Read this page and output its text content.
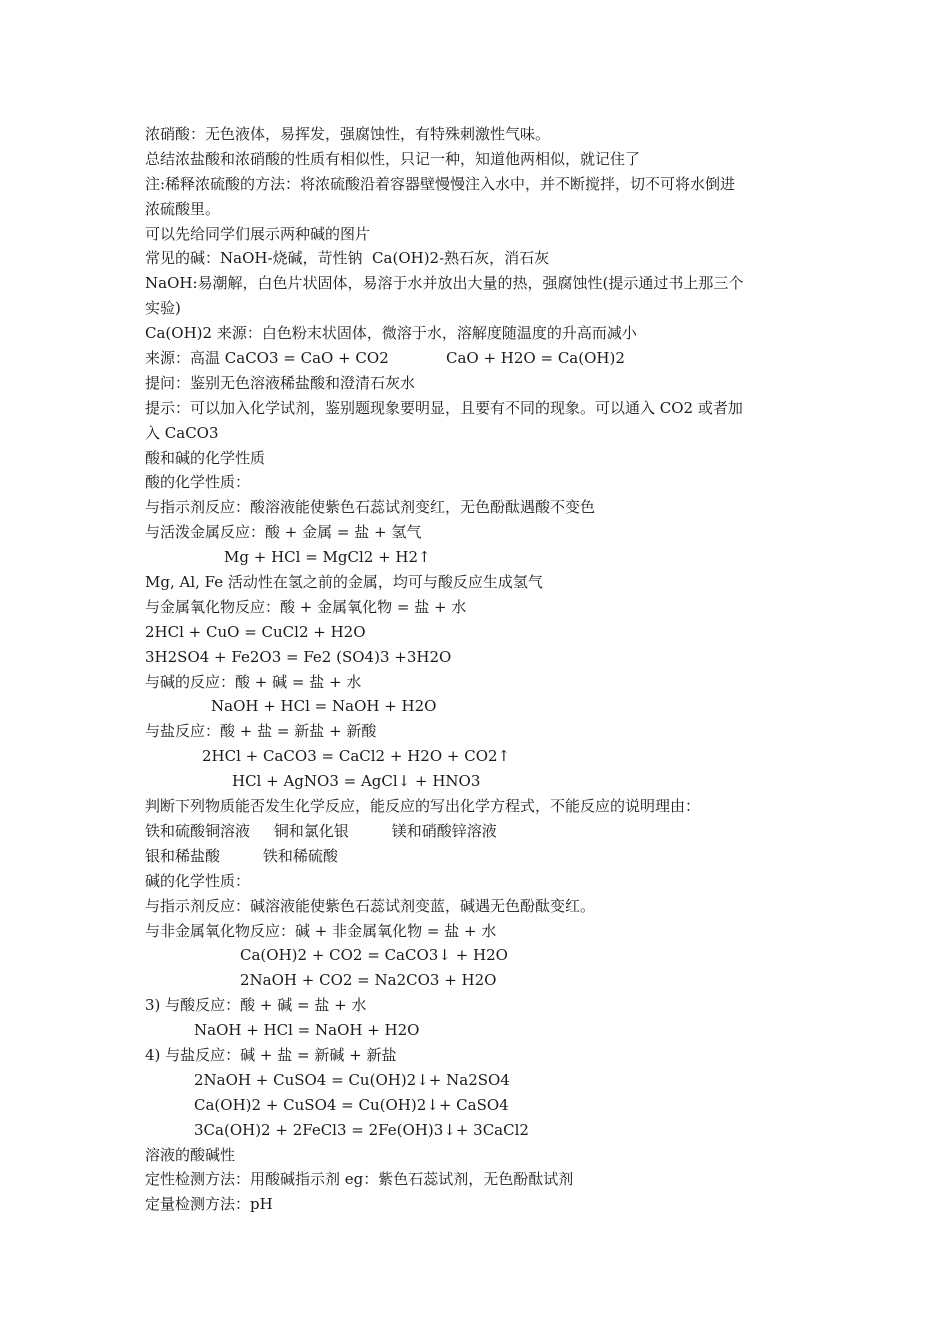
浓硝酸：无色液体，易挥发，强腐蚀性，有特殊刺激性气味。
总结浓盐酸和浓硝酸的性质有相似性，只记一种，知道他两相似，就记住了
注:稀释浓硫酸的方法：将浓硫酸沿着容器壁慢慢注入水中，并不断搅拌，切不可将水倒进
浓硫酸里。
可以先给同学们展示两种碱的图片
常见的碱：NaOH-烧碱，苛性钠  Ca(OH)2-熟石灰，消石灰
NaOH:易潮解，白色片状固体，易溶于水并放出大量的热，强腐蚀性(提示通过书上那三个
实验)
Ca(OH)2 来源：白色粉末状固体，微溶于水，溶解度随温度的升高而减小
来源：高温 CaCO3 = CaO + CO2            CaO + H2O = Ca(OH)2
提问：鉴别无色溶液稀盐酸和澄清石灰水
提示：可以加入化学试剂，鉴别题现象要明显，且要有不同的现象。可以通入 CO2 或者加
入 CaCO3
酸和碱的化学性质
酸的化学性质：
与指示剂反应：酸溶液能使紫色石蕊试剂变红，无色酚酞遇酸不变色
与活泼金属反应：酸 + 金属 = 盐 + 氢气
Mg + HCl = MgCl2 + H2↑
Mg, Al, Fe 活动性在氢之前的金属，均可与酸反应生成氢气
与金属氧化物反应：酸 + 金属氧化物 = 盐 + 水
2HCl + CuO = CuCl2 + H2O
3H2SO4 + Fe2O3 = Fe2 (SO4)3 +3H2O
与碱的反应：酸 + 碱 = 盐 + 水
NaOH + HCl = NaOH + H2O
与盐反应：酸 + 盐 = 新盐 + 新酸
2HCl + CaCO3 = CaCl2 + H2O + CO2↑
HCl + AgNO3 = AgCl↓ + HNO3
判断下列物质能否发生化学反应，能反应的写出化学方程式，不能反应的说明理由：
铁和硫酸铜溶液     铜和氯化银         镁和硝酸锌溶液
银和稀盐酸         铁和稀硫酸
碱的化学性质：
与指示剂反应：碱溶液能使紫色石蕊试剂变蓝，碱遇无色酚酞变红。
与非金属氧化物反应：碱 + 非金属氧化物 = 盐 + 水
Ca(OH)2 + CO2 = CaCO3↓ + H2O
2NaOH + CO2 = Na2CO3 + H2O
3) 与酸反应：酸 + 碱 = 盐 + 水
NaOH + HCl = NaOH + H2O
4) 与盐反应：碱 + 盐 = 新碱 + 新盐
2NaOH + CuSO4 = Cu(OH)2↓+ Na2SO4
Ca(OH)2 + CuSO4 = Cu(OH)2↓+ CaSO4
3Ca(OH)2 + 2FeCl3 = 2Fe(OH)3↓+ 3CaCl2
溶液的酸碱性
定性检测方法：用酸碱指示剂 eg：紫色石蕊试剂，无色酚酞试剂
定量检测方法：pH
